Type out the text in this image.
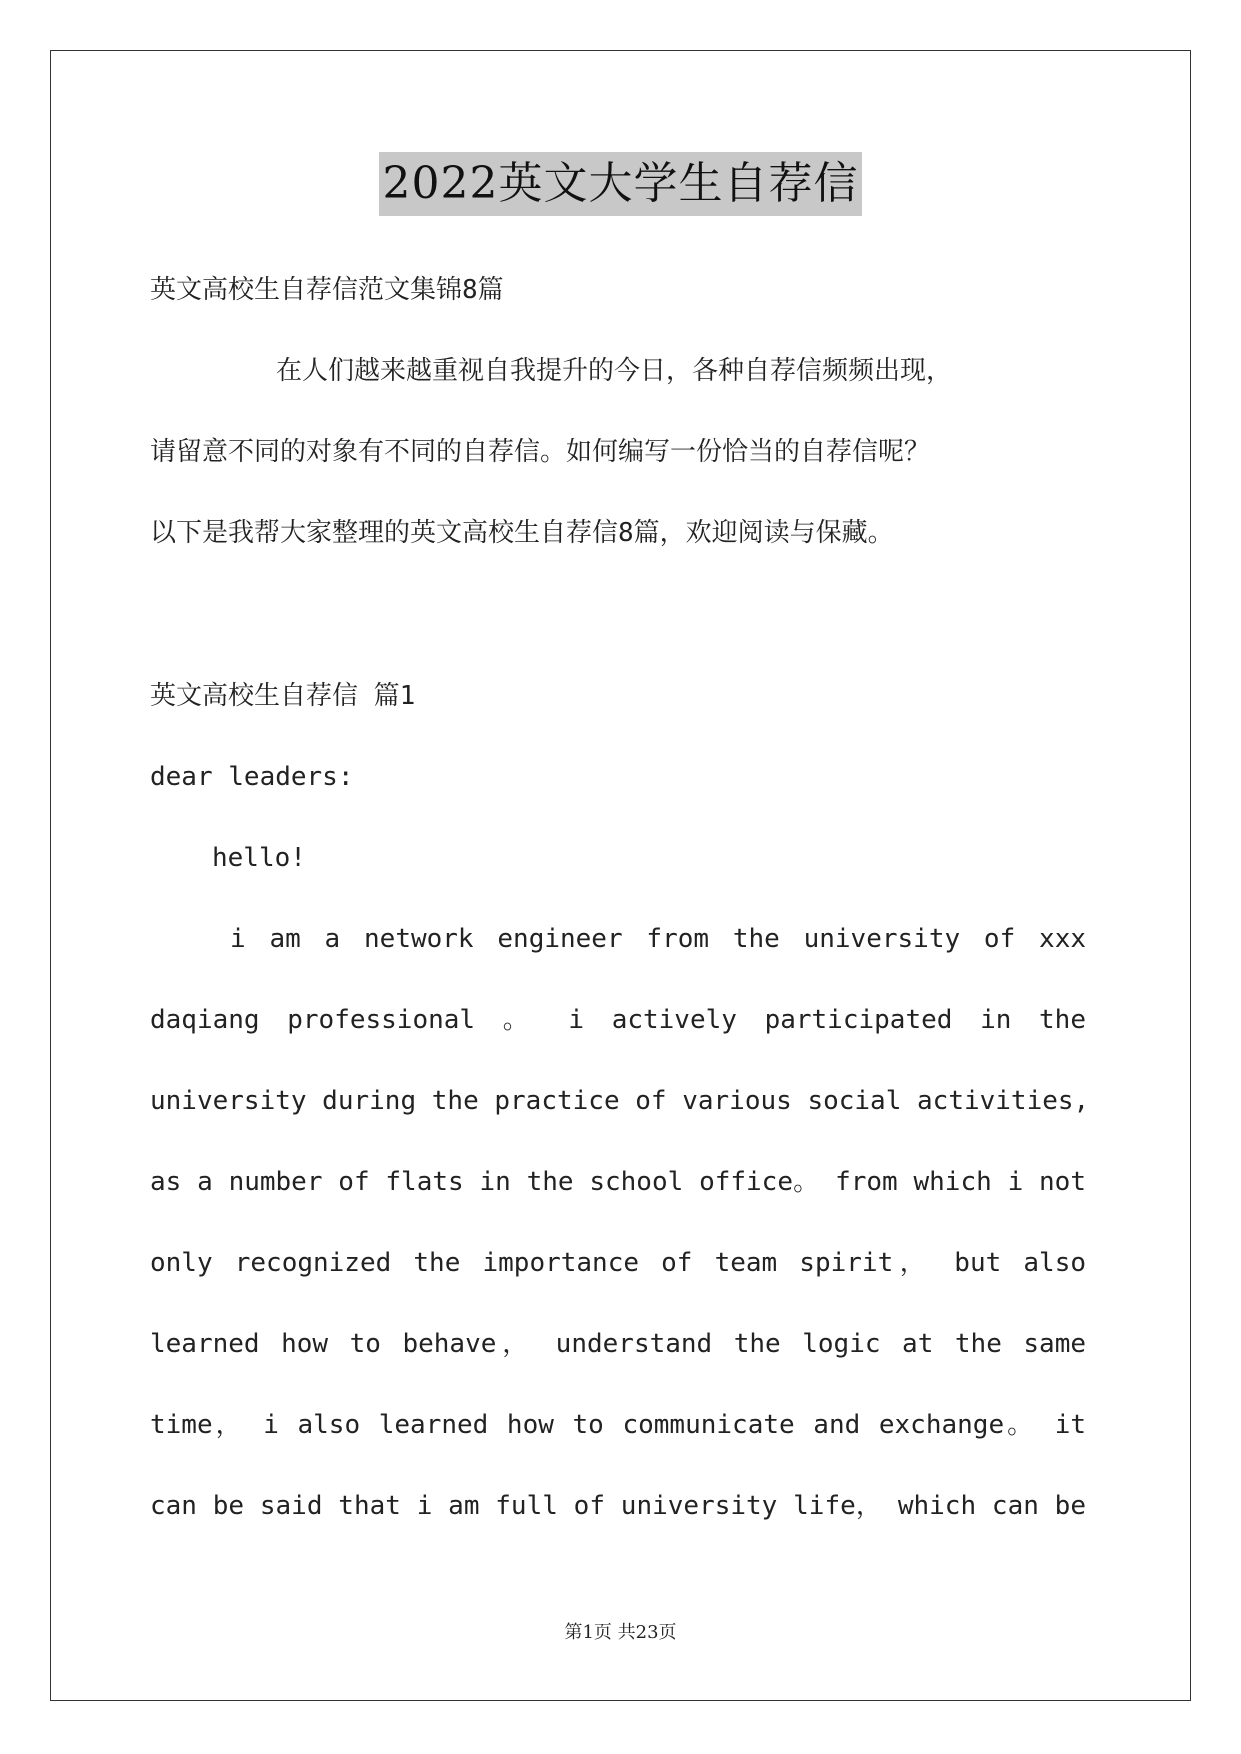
2022英文大学生自荐信
英文高校生自荐信范文集锦8篇
在人们越来越重视自我提升的今日，各种自荐信频频出现，
请留意不同的对象有不同的自荐信。如何编写一份恰当的自荐信呢？
以下是我帮大家整理的英文高校生自荐信8篇，欢迎阅读与保藏。
英文高校生自荐信 篇1
dear leaders:
hello!
i am a network engineer from the university of xxx
daqiang professional 。 i actively participated in the
university during the practice of various social activities,
as a number of flats in the school office。 from which i not
only recognized the importance of team spirit， but also
learned how to behave， understand the logic at the same
time， i also learned how to communicate and exchange。 it
can be said that i am full of university life， which can be
第1页 共23页
